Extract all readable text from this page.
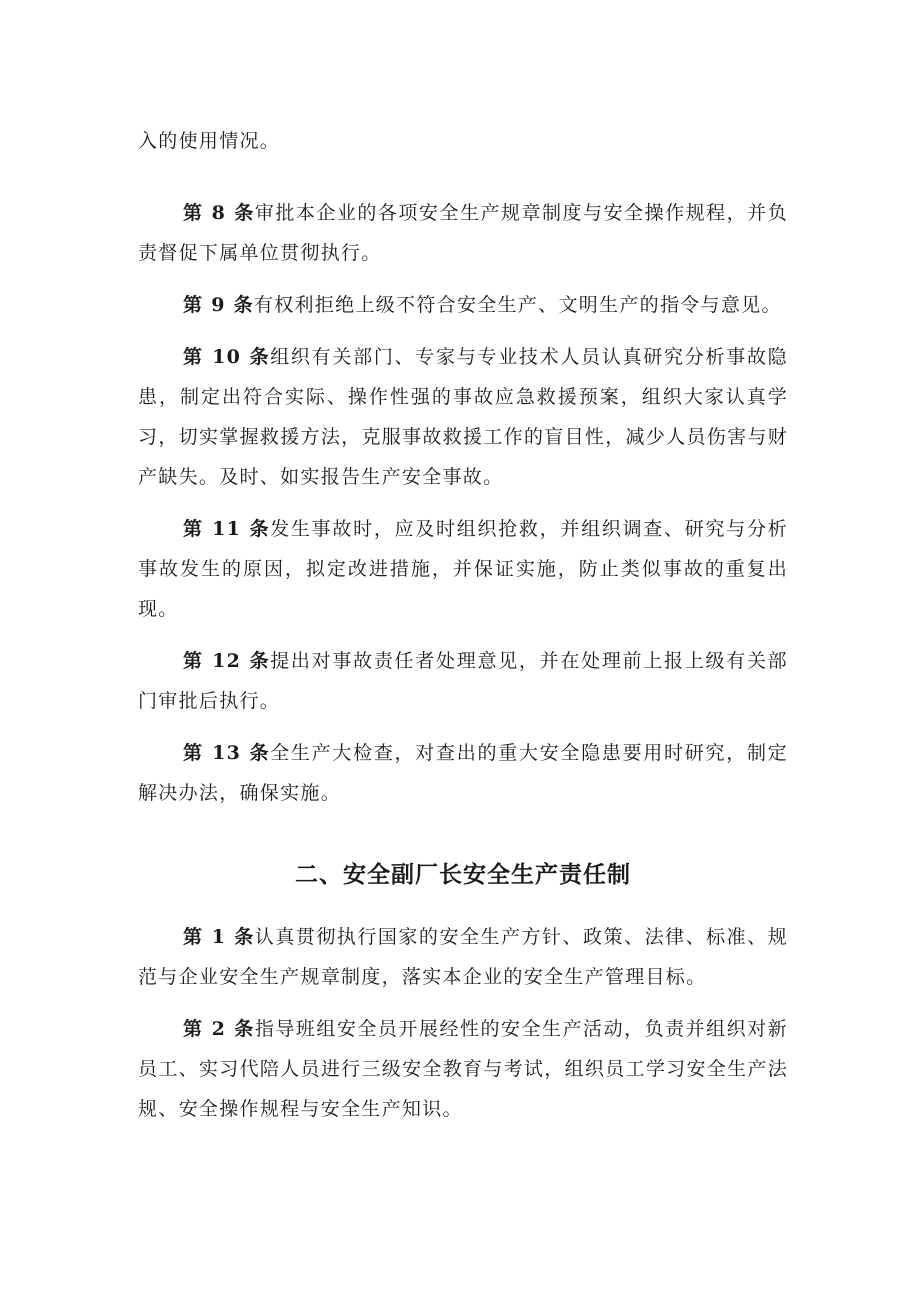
入的使用情况。

第 8 条审批本企业的各项安全生产规章制度与安全操作规程，并负责督促下属单位贯彻执行。

第 9 条有权利拒绝上级不符合安全生产、文明生产的指令与意见。

第 10 条组织有关部门、专家与专业技术人员认真研究分析事故隐患，制定出符合实际、操作性强的事故应急救援预案，组织大家认真学习，切实掌握救援方法，克服事故救援工作的盲目性，减少人员伤害与财产缺失。及时、如实报告生产安全事故。

第 11 条发生事故时，应及时组织抢救，并组织调查、研究与分析事故发生的原因，拟定改进措施，并保证实施，防止类似事故的重复出现。

第 12 条提出对事故责任者处理意见，并在处理前上报上级有关部门审批后执行。

第 13 条全生产大检查，对查出的重大安全隐患要用时研究，制定解决办法，确保实施。

二、安全副厂长安全生产责任制

第 1 条认真贯彻执行国家的安全生产方针、政策、法律、标准、规范与企业安全生产规章制度，落实本企业的安全生产管理目标。

第 2 条指导班组安全员开展经性的安全生产活动，负责并组织对新员工、实习代陪人员进行三级安全教育与考试，组织员工学习安全生产法规、安全操作规程与安全生产知识。
